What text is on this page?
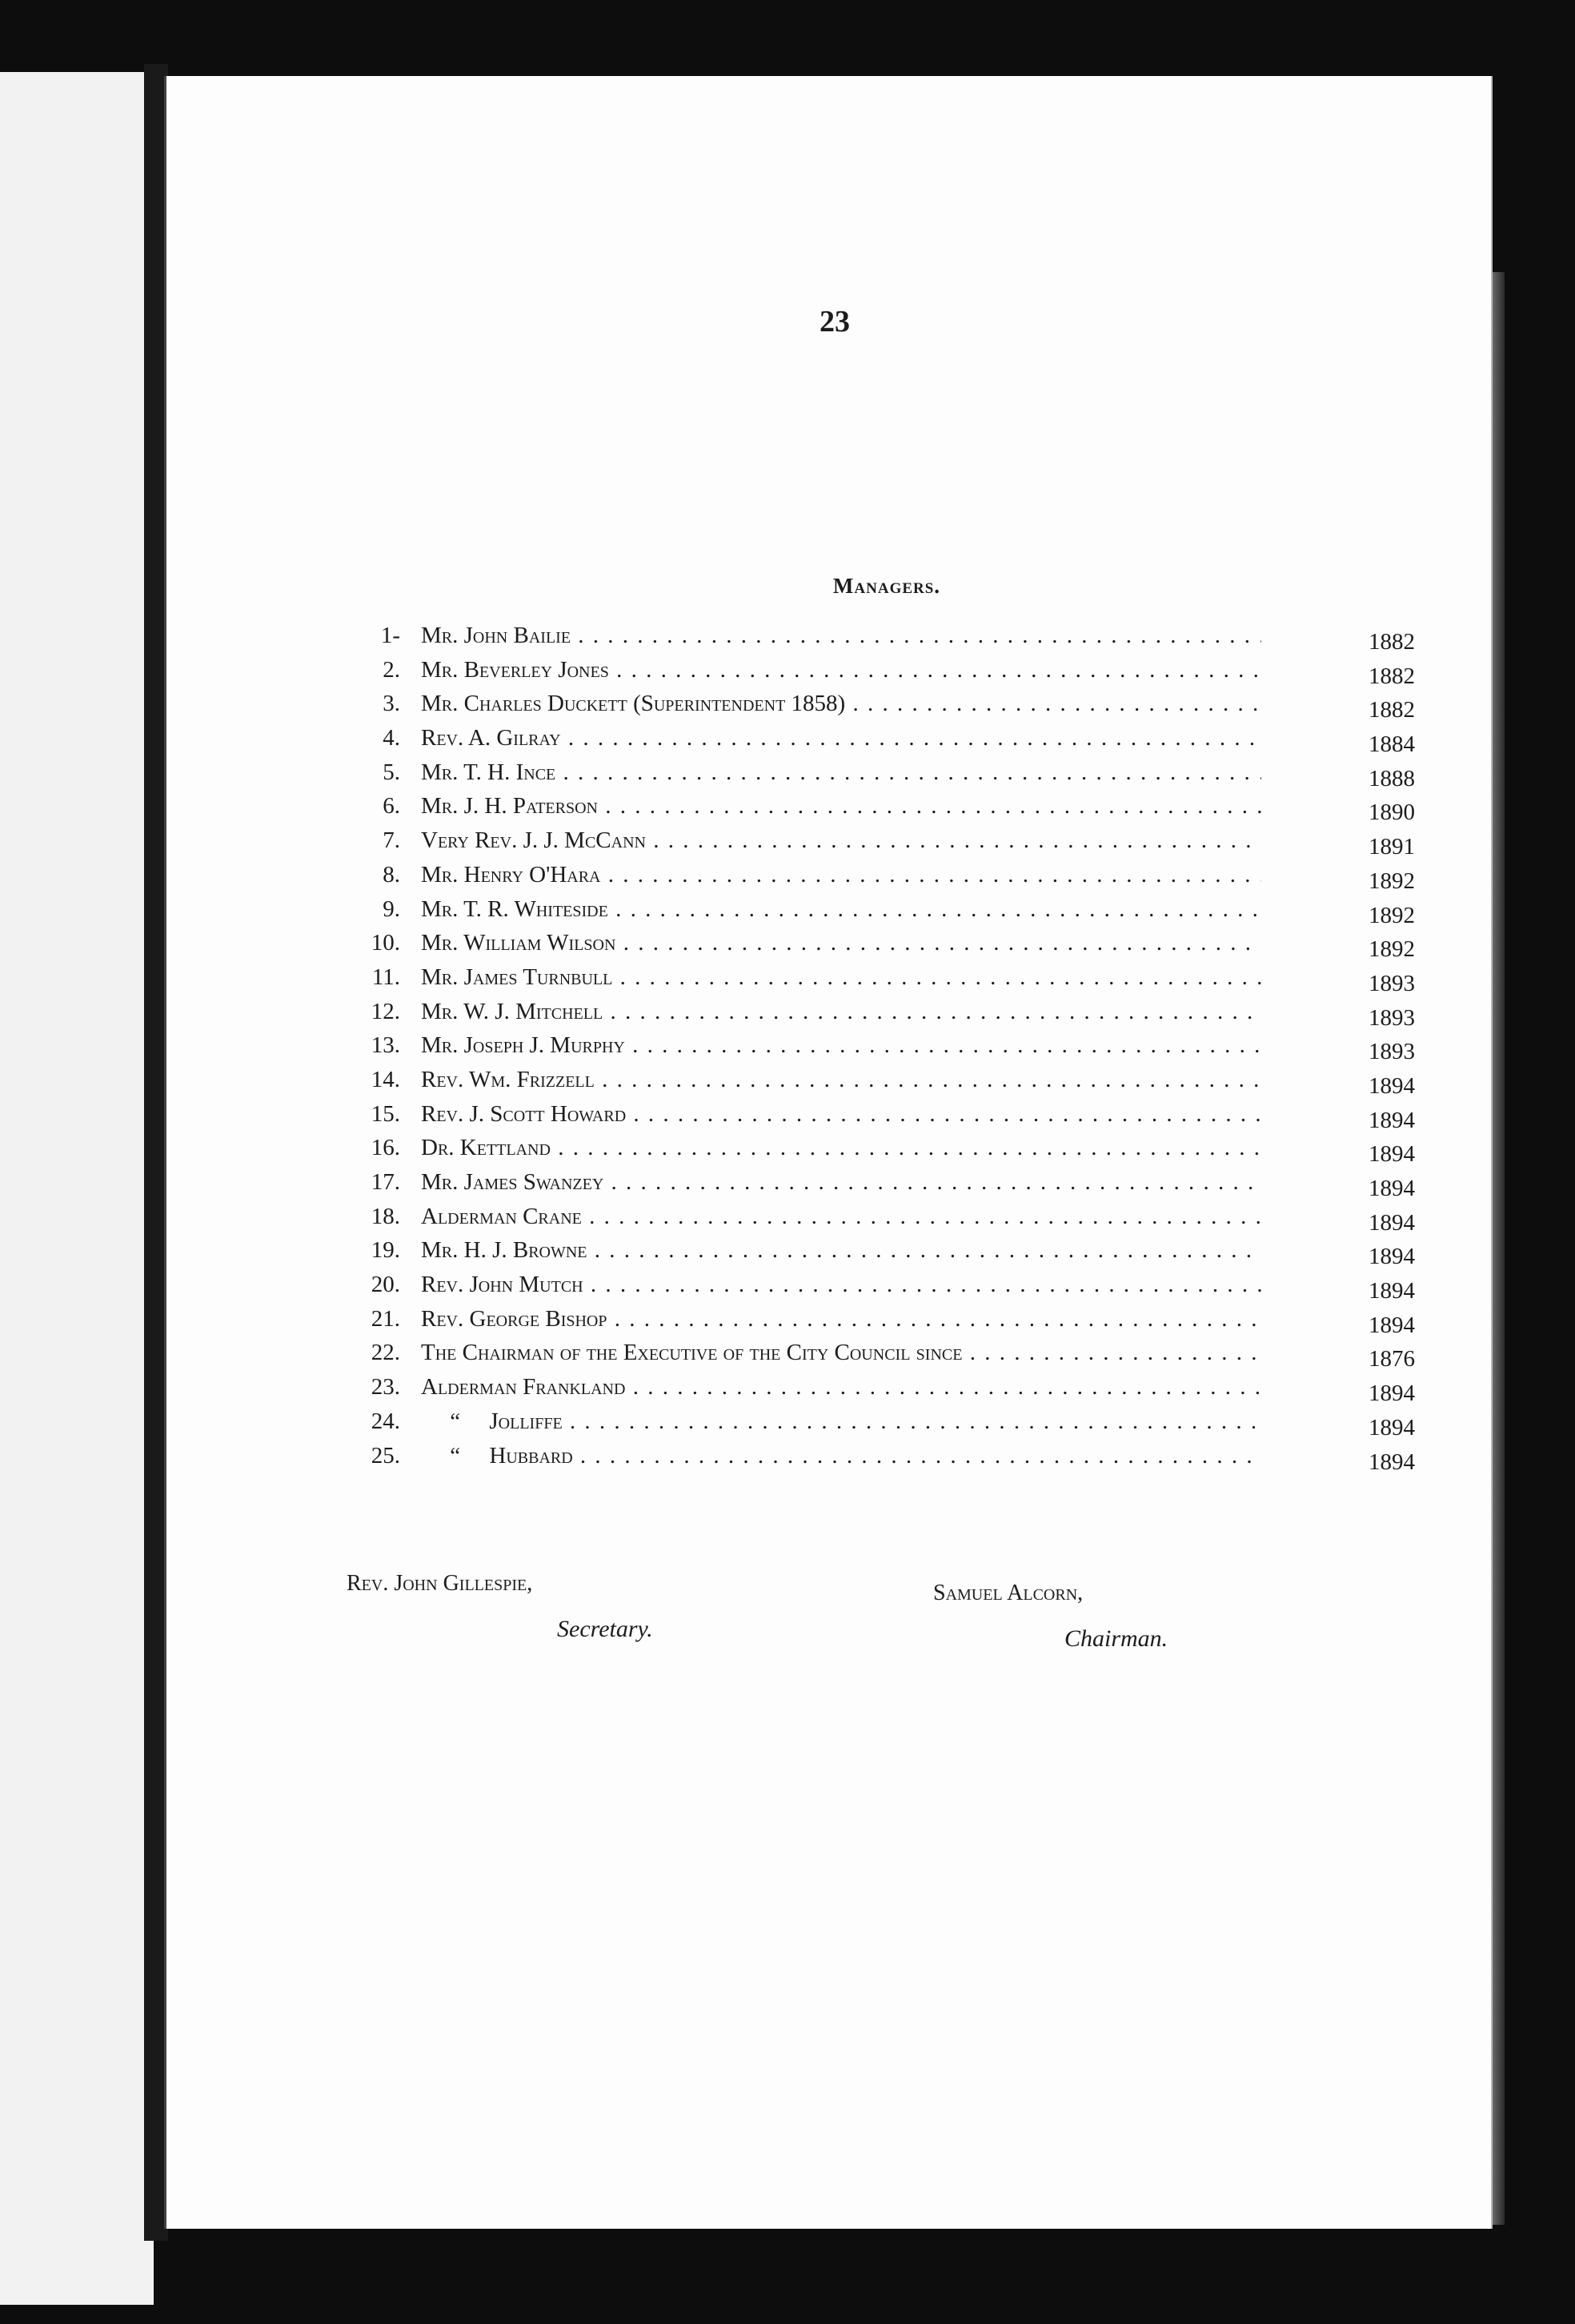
23
Managers.
1- Mr. John Bailie . . .	1882
2. Mr. Beverley Jones . . .	1882
3. Mr. Charles Duckett (Superintendent 1858) . . .	1882
4. Rev. A. Gilray . . .	1884
5. Mr. T. H. Ince . . .	1888
6. Mr. J. H. Paterson . . .	1890
7. Very Rev. J. J. McCann . . .	1891
8. Mr. Henry O'Hara . . .	1892
9. Mr. T. R. Whiteside . . .	1892
10. Mr. William Wilson . . .	1892
11. Mr. James Turnbull . . .	1893
12. Mr. W. J. Mitchell . . .	1893
13. Mr. Joseph J. Murphy . . .	1893
14. Rev. Wm. Frizzell . . .	1894
15. Rev. J. Scott Howard . . .	1894
16. Dr. Kettland . . .	1894
17. Mr. James Swanzey . . .	1894
18. Alderman Crane . . .	1894
19. Mr. H. J. Browne . . .	1894
20. Rev. John Mutch . . .	1894
21. Rev. George Bishop . . .	1894
22. The Chairman of the Executive of the City Council since . . .	1876
23. Alderman Frankland . . .	1894
24. “     Jolliffe . . .	1894
25. “     Hubbard . . .	1894
Rev. John Gillespie,
Secretary.
Samuel Alcorn,
Chairman.
